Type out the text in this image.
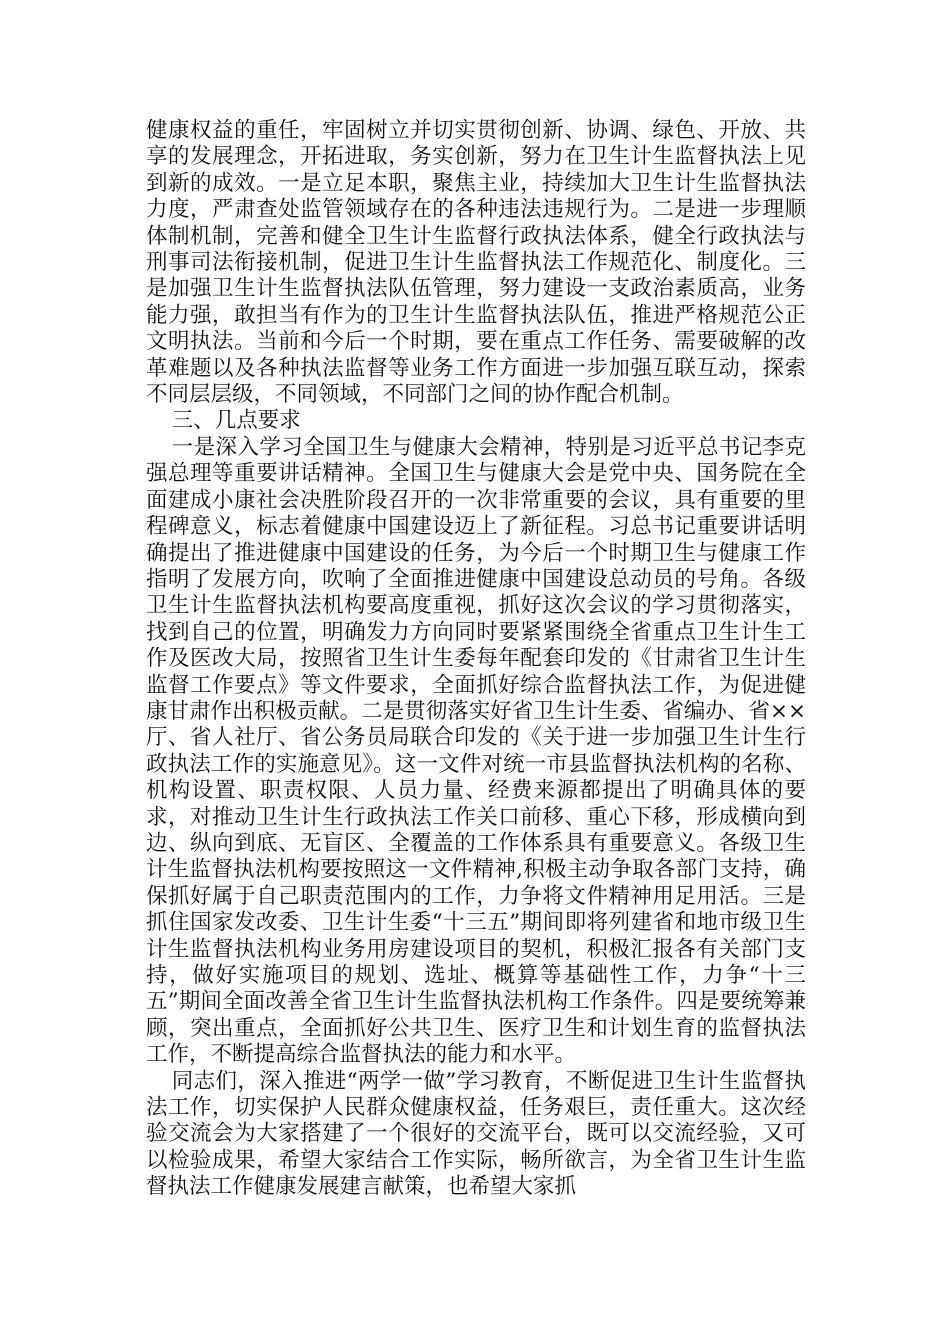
健康权益的重任，牢固树立并切实贯彻创新、协调、绿色、开放、共享的发展理念，开拓进取，务实创新，努力在卫生计生监督执法上见到新的成效。一是立足本职，聚焦主业，持续加大卫生计生监督执法力度，严肃查处监管领域存在的各种违法违规行为。二是进一步理顺体制机制，完善和健全卫生计生监督行政执法体系，健全行政执法与刑事司法衔接机制，促进卫生计生监督执法工作规范化、制度化。三是加强卫生计生监督执法队伍管理，努力建设一支政治素质高，业务能力强，敢担当有作为的卫生计生监督执法队伍，推进严格规范公正文明执法。当前和今后一个时期，要在重点工作任务、需要破解的改革难题以及各种执法监督等业务工作方面进一步加强互联互动，探索不同层层级，不同领域，不同部门之间的协作配合机制。

三、几点要求

一是深入学习全国卫生与健康大会精神，特别是习近平总书记李克强总理等重要讲话精神。全国卫生与健康大会是党中央、国务院在全面建成小康社会决胜阶段召开的一次非常重要的会议，具有重要的里程碑意义，标志着健康中国建设迈上了新征程。习总书记重要讲话明确提出了推进健康中国建设的任务，为今后一个时期卫生与健康工作指明了发展方向，吹响了全面推进健康中国建设总动员的号角。各级卫生计生监督执法机构要高度重视，抓好这次会议的学习贯彻落实，找到自己的位置，明确发力方向同时要紧紧围绕全省重点卫生计生工作及医改大局，按照省卫生计生委每年配套印发的《甘肃省卫生计生监督工作要点》等文件要求，全面抓好综合监督执法工作，为促进健康甘肃作出积极贡献。二是贯彻落实好省卫生计生委、省编办、省××厅、省人社厅、省公务员局联合印发的《关于进一步加强卫生计生行政执法工作的实施意见》。这一文件对统一市县监督执法机构的名称、机构设置、职责权限、人员力量、经费来源都提出了明确具体的要求，对推动卫生计生行政执法工作关口前移、重心下移，形成横向到边、纵向到底、无盲区、全覆盖的工作体系具有重要意义。各级卫生计生监督执法机构要按照这一文件精神,积极主动争取各部门支持，确保抓好属于自己职责范围内的工作，力争将文件精神用足用活。三是抓住国家发改委、卫生计生委“十三五”期间即将列建省和地市级卫生计生监督执法机构业务用房建设项目的契机，积极汇报各有关部门支持，做好实施项目的规划、选址、概算等基础性工作，力争“十三五”期间全面改善全省卫生计生监督执法机构工作条件。四是要统筹兼顾，突出重点，全面抓好公共卫生、医疗卫生和计划生育的监督执法工作，不断提高综合监督执法的能力和水平。

同志们，深入推进“两学一做”学习教育，不断促进卫生计生监督执法工作，切实保护人民群众健康权益，任务艰巨，责任重大。这次经验交流会为大家搭建了一个很好的交流平台，既可以交流经验，又可以检验成果，希望大家结合工作实际，畅所欲言，为全省卫生计生监督执法工作健康发展建言献策，也希望大家抓
